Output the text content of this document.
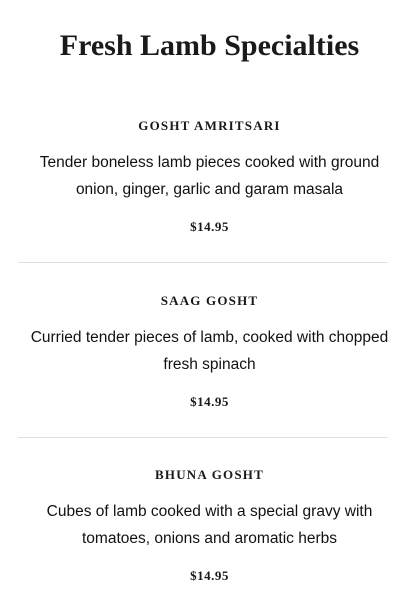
Fresh Lamb Specialties
GOSHT AMRITSARI
Tender boneless lamb pieces cooked with ground onion, ginger, garlic and garam masala
$14.95
SAAG GOSHT
Curried tender pieces of lamb, cooked with chopped fresh spinach
$14.95
BHUNA GOSHT
Cubes of lamb cooked with a special gravy with tomatoes, onions and aromatic herbs
$14.95
